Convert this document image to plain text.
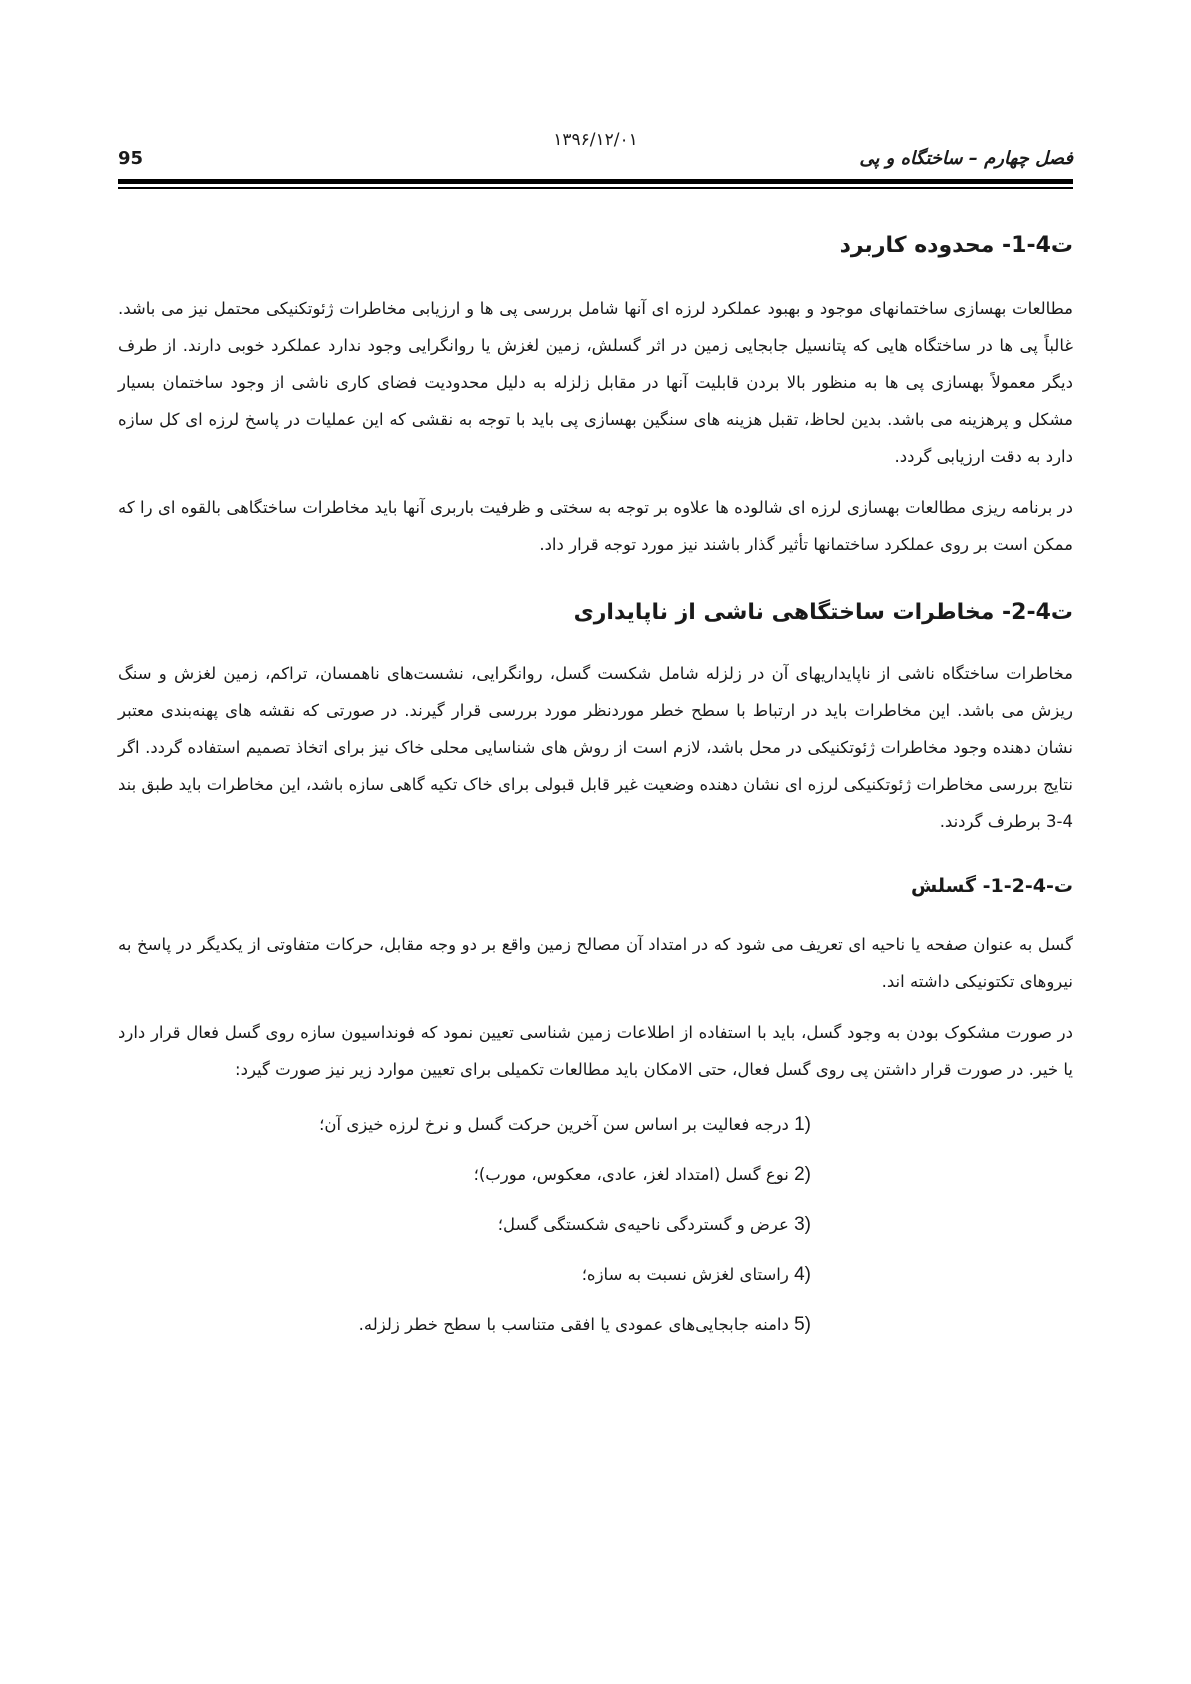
۱۳۹۶/۱۲/۰۱
فصل چهارم – ساختگاه و پی
95
ت4-1- محدوده کاربرد

مطالعات بهسازی ساختمانهای موجود و بهبود عملکرد لرزه ای آنها شامل بررسی پی ها و ارزیابی مخاطرات ژئوتکنیکی محتمل نیز می باشد. غالباً پی ها در ساختگاه هایی که پتانسیل جابجایی زمین در اثر گسلش، زمین لغزش یا روانگرایی وجود ندارد عملکرد خوبی دارند. از طرف دیگر معمولاً بهسازی پی ها به منظور بالا بردن قابلیت آنها در مقابل زلزله به دلیل محدودیت فضای کاری ناشی از وجود ساختمان بسیار مشکل و پرهزینه می باشد. بدین لحاظ، تقبل هزینه های سنگین بهسازی پی باید با توجه به نقشی که این عملیات در پاسخ لرزه ای کل سازه دارد به دقت ارزیابی گردد.

در برنامه ریزی مطالعات بهسازی لرزه ای شالوده ها علاوه بر توجه به سختی و ظرفیت باربری آنها باید مخاطرات ساختگاهی بالقوه ای را که ممکن است بر روی عملکرد ساختمانها تأثیر گذار باشند نیز مورد توجه قرار داد.

ت4-2- مخاطرات ساختگاهی ناشی از ناپایداری

مخاطرات ساختگاه ناشی از ناپایداریهای آن در زلزله شامل شکست گسل، روانگرایی، نشست‌های ناهمسان، تراکم، زمین لغزش و سنگ ریزش می باشد. این مخاطرات باید در ارتباط با سطح خطر موردنظر مورد بررسی قرار گیرند. در صورتی که نقشه های پهنه‌بندی معتبر نشان دهنده وجود مخاطرات ژئوتکنیکی در محل باشد، لازم است از روش های شناسایی محلی خاک نیز برای اتخاذ تصمیم استفاده گردد. اگر نتایج بررسی مخاطرات ژئوتکنیکی لرزه ای نشان دهنده وضعیت غیر قابل قبولی برای خاک تکیه گاهی سازه باشد، این مخاطرات باید طبق بند 4-3 برطرف گردند.

ت-4-2-1- گسلش

گسل به عنوان صفحه یا ناحیه ای تعریف می شود که در امتداد آن مصالح زمین واقع بر دو وجه مقابل، حرکات متفاوتی از یکدیگر در پاسخ به نیروهای تکتونیکی داشته اند.

در صورت مشکوک بودن به وجود گسل، باید با استفاده از اطلاعات زمین شناسی تعیین نمود که فونداسیون سازه روی گسل فعال قرار دارد یا خیر. در صورت قرار داشتن پی روی گسل فعال، حتی الامکان باید مطالعات تکمیلی برای تعیین موارد زیر نیز صورت گیرد:

1) درجه فعالیت بر اساس سن آخرین حرکت گسل و نرخ لرزه خیزی آن؛
2) نوع گسل (امتداد لغز، عادی، معکوس، مورب)؛
3) عرض و گستردگی ناحیه‌ی شکستگی گسل؛
4) راستای لغزش نسبت به سازه؛
5) دامنه جابجایی‌های عمودی یا افقی متناسب با سطح خطر زلزله.
